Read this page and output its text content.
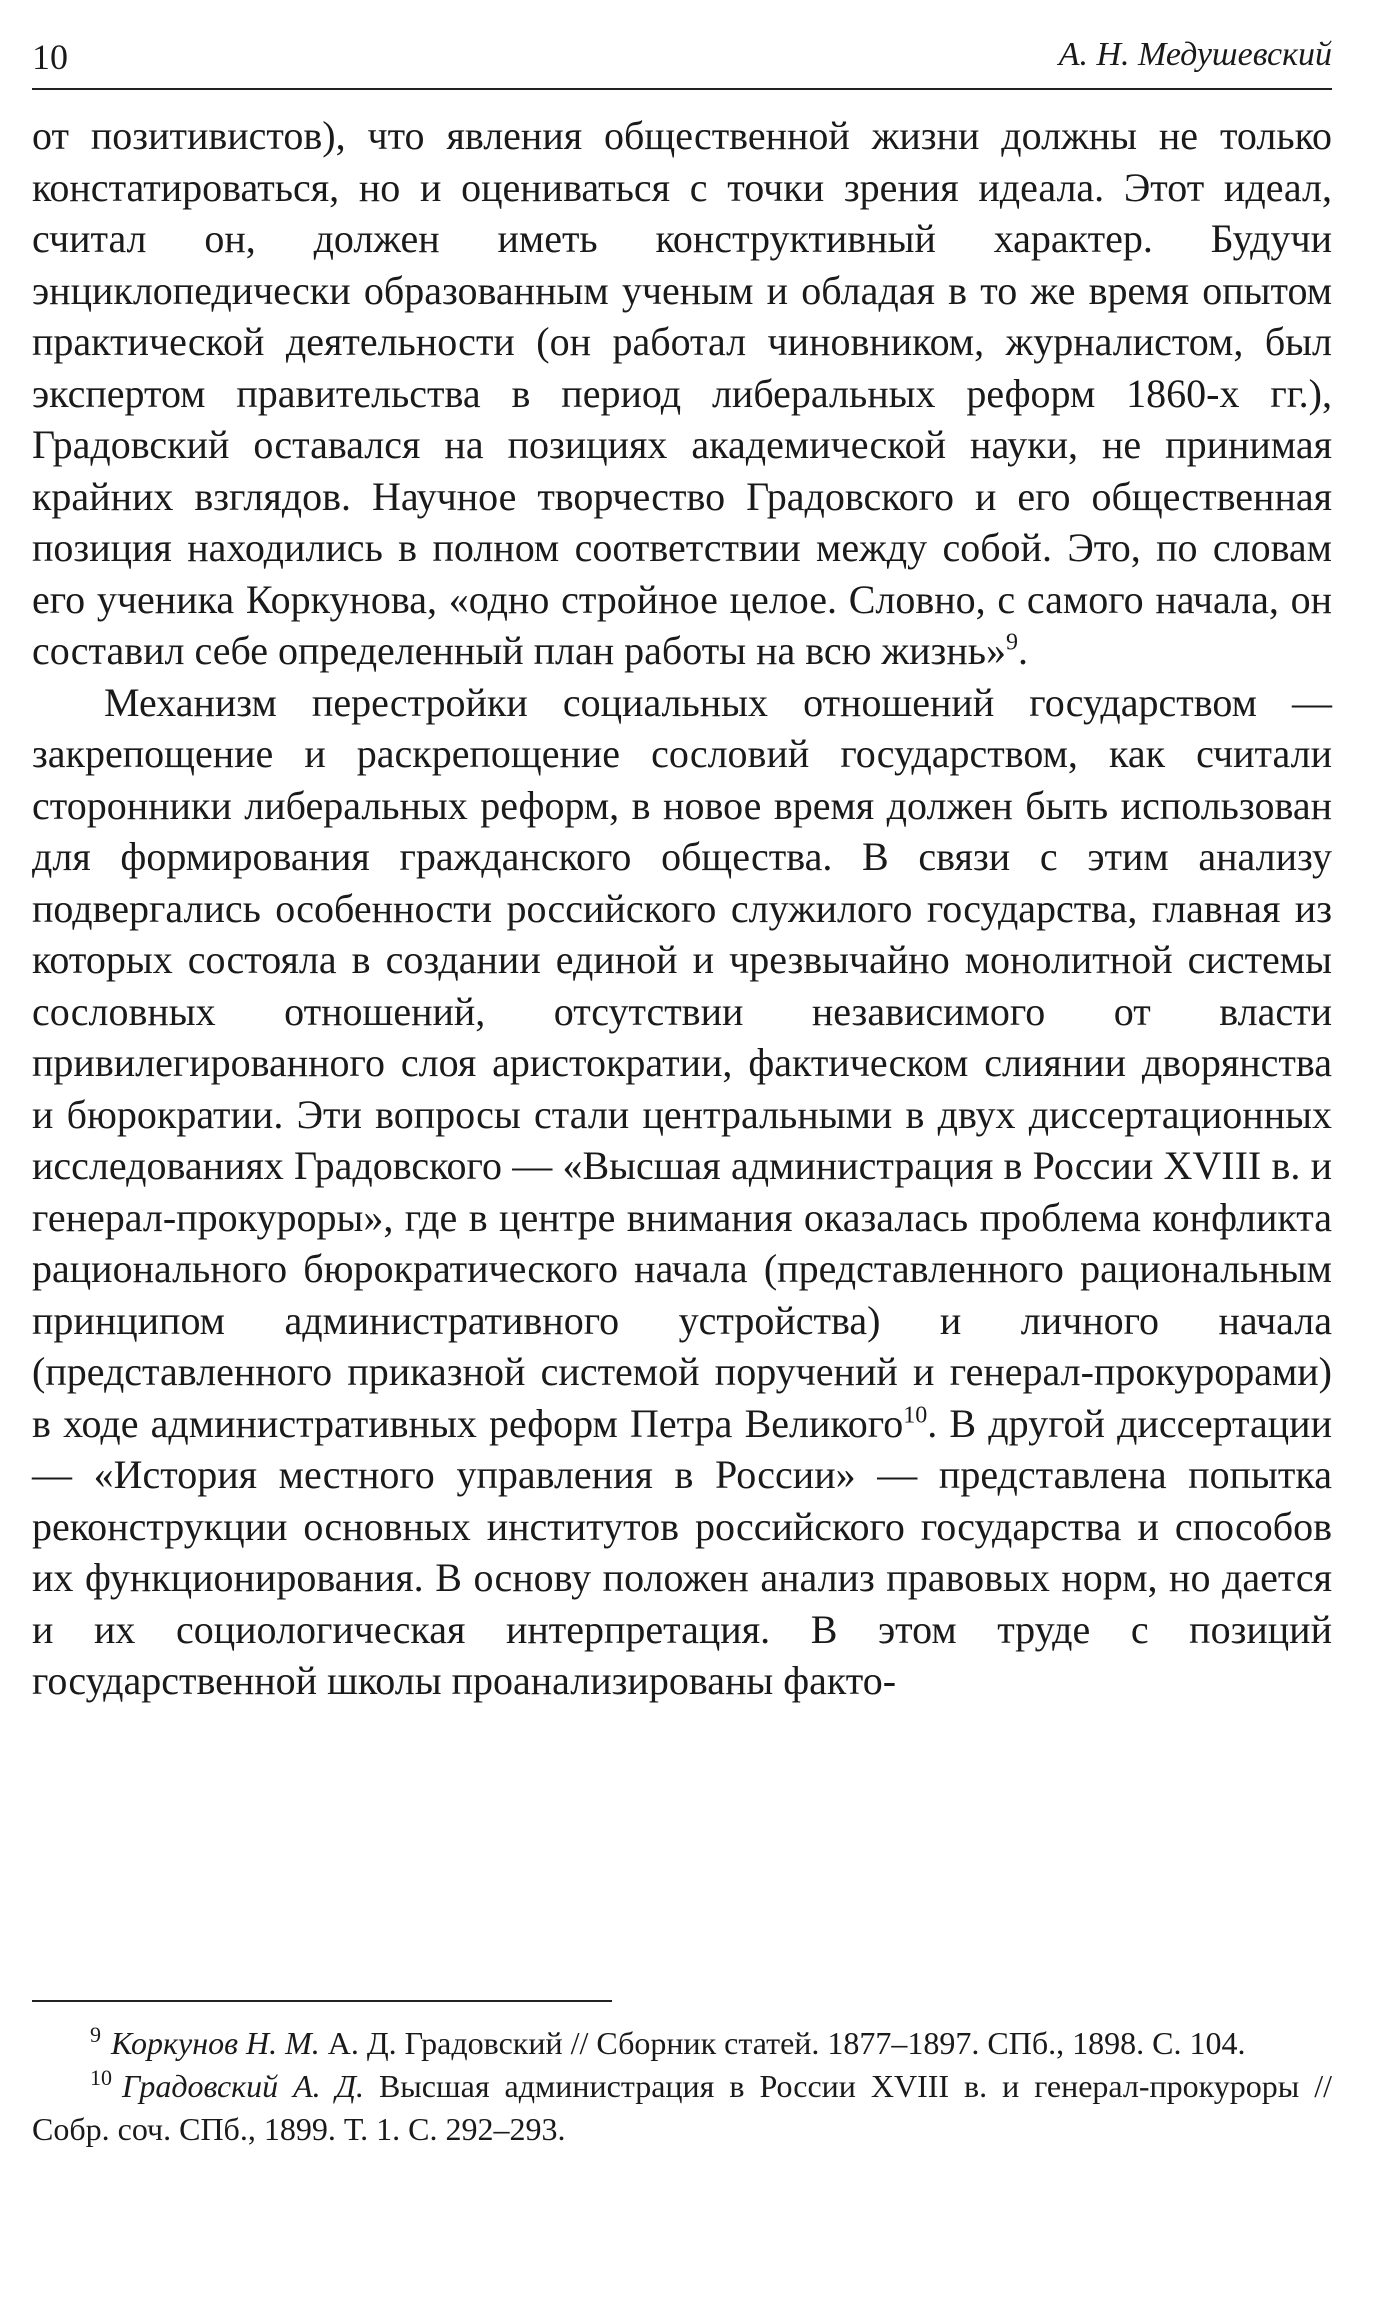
10	А. Н. Медушевский

от позитивистов), что явления общественной жизни должны не только констатироваться, но и оцениваться с точки зрения идеала. Этот идеал, считал он, должен иметь конструктивный характер. Будучи энциклопедически образованным ученым и обладая в то же время опытом практической деятельности (он работал чиновником, журналистом, был экспертом правительства в период либеральных реформ 1860-х гг.), Градовский оставался на позициях академической науки, не принимая крайних взглядов. Научное творчество Градовского и его общественная позиция находились в полном соответствии между собой. Это, по словам его ученика Коркунова, «одно стройное целое. Словно, с самого начала, он составил себе определенный план работы на всю жизнь»$^9$.

Механизм перестройки социальных отношений государством — закрепощение и раскрепощение сословий государством, как считали сторонники либеральных реформ, в новое время должен быть использован для формирования гражданского общества. В связи с этим анализу подвергались особенности российского служилого государства, главная из которых состояла в создании единой и чрезвычайно монолитной системы сословных отношений, отсутствии независимого от власти привилегированного слоя аристократии, фактическом слиянии дворянства и бюрократии. Эти вопросы стали центральными в двух диссертационных исследованиях Градовского — «Высшая администрация в России XVIII в. и генерал-прокуроры», где в центре внимания оказалась проблема конфликта рационального бюрократического начала (представленного рациональным принципом административного устройства) и личного начала (представленного приказной системой поручений и генерал-прокурорами) в ходе административных реформ Петра Великого$^{10}$. В другой диссертации — «История местного управления в России» — представлена попытка реконструкции основных институтов российского государства и способов их функционирования. В основу положен анализ правовых норм, но дается и их социологическая интерпретация. В этом труде с позиций государственной школы проанализированы факто-

$^9$ Коркунов Н. М. А. Д. Градовский // Сборник статей. 1877–1897. СПб., 1898. С. 104.

$^{10}$ Градовский А. Д. Высшая администрация в России XVIII в. и генерал-прокуроры // Собр. соч. СПб., 1899. Т. 1. С. 292–293.
